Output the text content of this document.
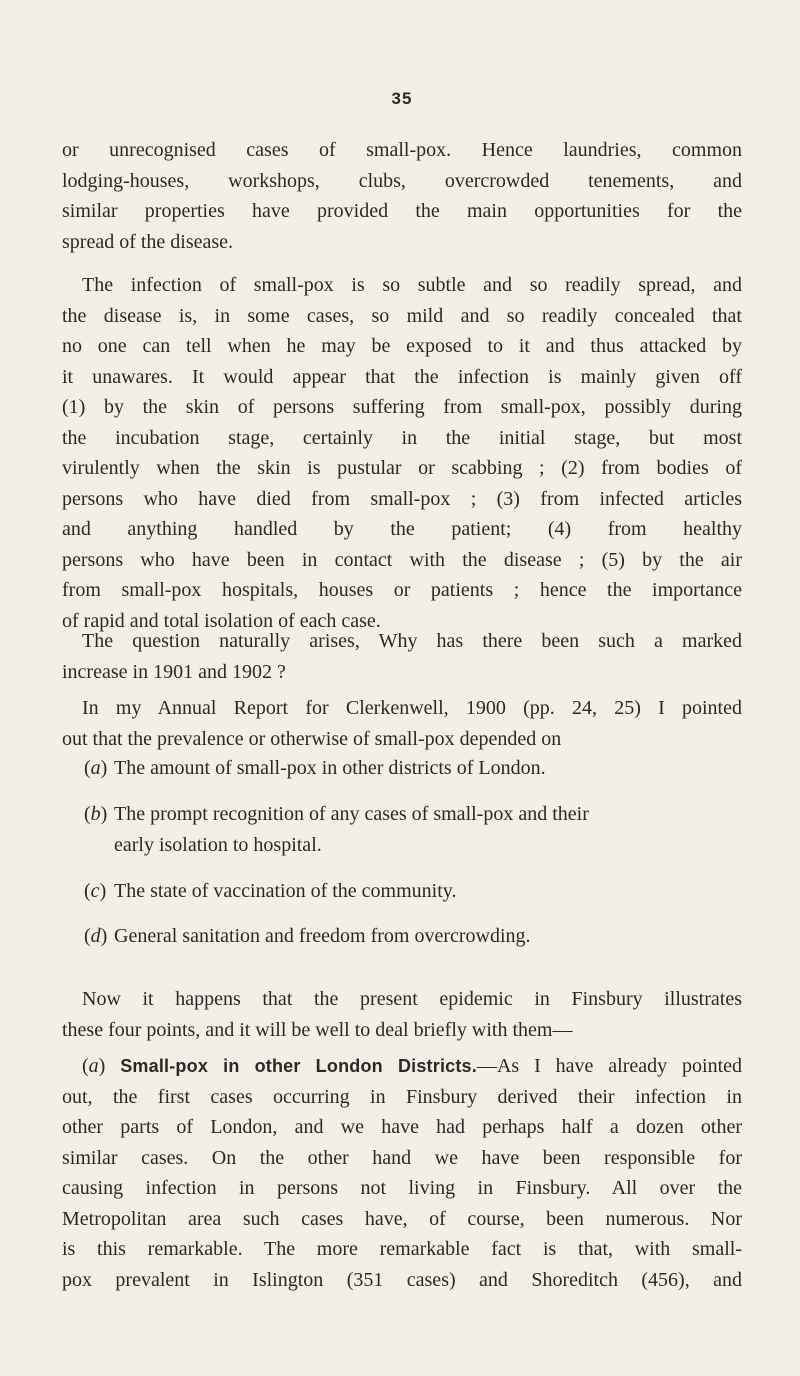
35
or unrecognised cases of small-pox. Hence laundries, common
lodging-houses, workshops, clubs, overcrowded tenements, and
similar properties have provided the main opportunities for the
spread of the disease.
The infection of small-pox is so subtle and so readily spread, and
the disease is, in some cases, so mild and so readily concealed that
no one can tell when he may be exposed to it and thus attacked by
it unawares. It would appear that the infection is mainly given off
(1) by the skin of persons suffering from small-pox, possibly during
the incubation stage, certainly in the initial stage, but most
virulently when the skin is pustular or scabbing ; (2) from bodies of
persons who have died from small-pox ; (3) from infected articles
and anything handled by the patient; (4) from healthy
persons who have been in contact with the disease ; (5) by the air
from small-pox hospitals, houses or patients ; hence the importance
of rapid and total isolation of each case.
The question naturally arises, Why has there been such a marked
increase in 1901 and 1902 ?
In my Annual Report for Clerkenwell, 1900 (pp. 24, 25) I pointed
out that the prevalence or otherwise of small-pox depended on
(a) The amount of small-pox in other districts of London.
(b) The prompt recognition of any cases of small-pox and their
early isolation to hospital.
(c) The state of vaccination of the community.
(d) General sanitation and freedom from overcrowding.
Now it happens that the present epidemic in Finsbury illustrates
these four points, and it will be well to deal briefly with them—
(a) Small-pox in other London Districts.—As I have already pointed
out, the first cases occurring in Finsbury derived their infection in
other parts of London, and we have had perhaps half a dozen other
similar cases. On the other hand we have been responsible for
causing infection in persons not living in Finsbury. All over the
Metropolitan area such cases have, of course, been numerous. Nor
is this remarkable. The more remarkable fact is that, with small-
pox prevalent in Islington (351 cases) and Shoreditch (456), and
